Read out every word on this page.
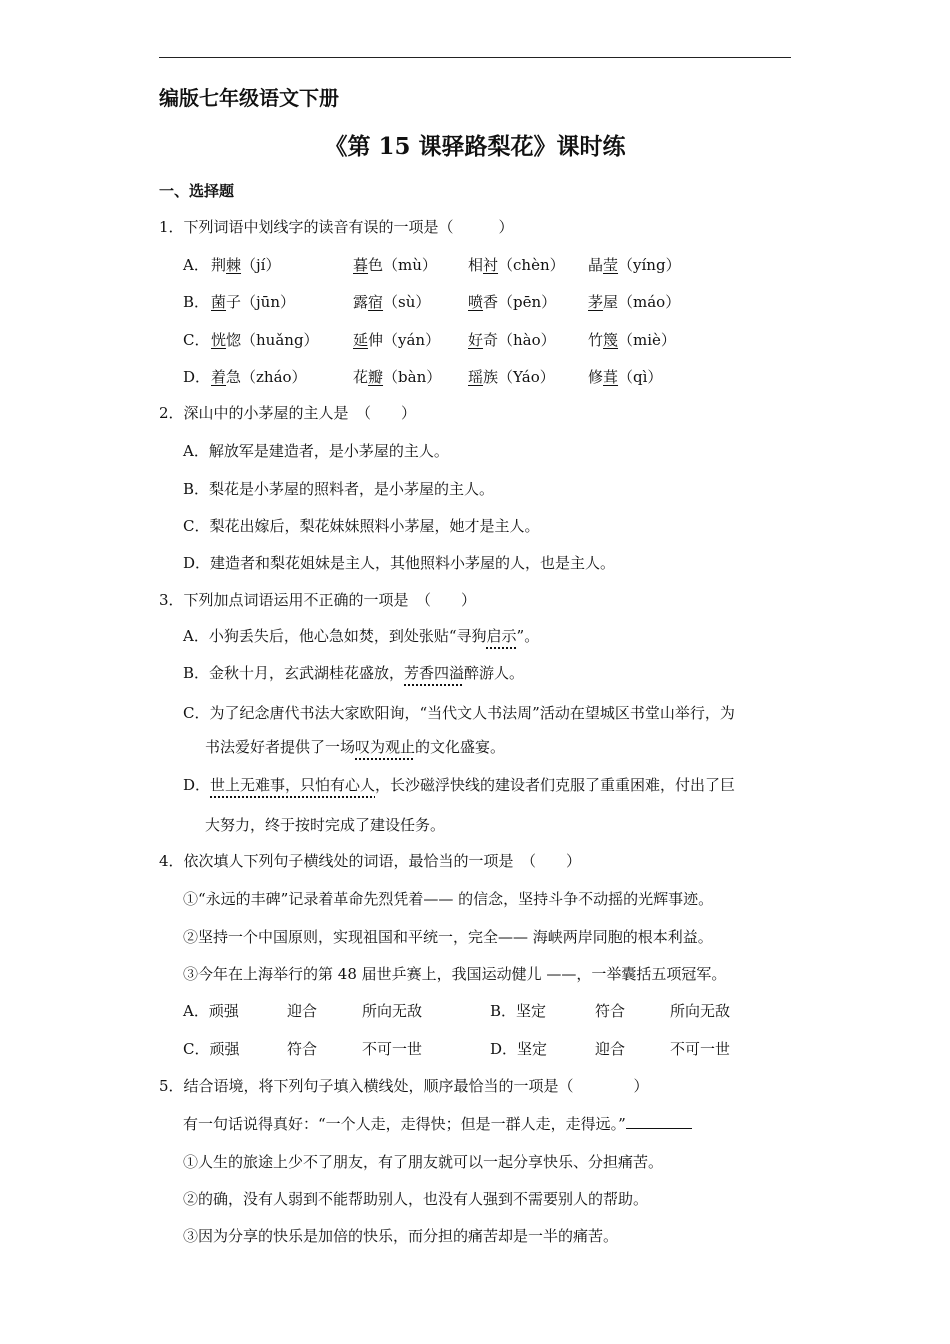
编版七年级语文下册
《第 15 课驿路梨花》课时练
一、选择题
1．下列词语中划线字的读音有误的一项是（　　　）
A． 荆棘（jí）	暮色（mù） 相衬（chèn） 晶莹（yíng）
B． 菌子（jūn）	露宿（sù）	喷香（pēn） 茅屋（máo）
C． 恍惚（huǎng） 延伸（yán） 好奇（hào） 竹篾（miè）
D． 着急（zháo）	花瓣（bàn） 瑶族（Yáo） 修葺（qì）
2．深山中的小茅屋的主人是　（　　）
A．解放军是建造者，是小茅屋的主人。
B．梨花是小茅屋的照料者，是小茅屋的主人。
C．梨花出嫁后，梨花妹妹照料小茅屋，她才是主人。
D．建造者和梨花姐妹是主人，其他照料小茅屋的人，也是主人。
3．下列加点词语运用不正确的一项是　（　　）
A．小狗丢失后，他心急如焚，到处张贴“寻狗启示”。
B．金秋十月，玄武湖桂花盛放，芳香四溢醉游人。
C．为了纪念唐代书法大家欧阳询，“当代文人书法周”活动在望城区书堂山举行，为
书法爱好者提供了一场叹为观止的文化盛宴。
D．世上无难事，只怕有心人，长沙磁浮快线的建设者们克服了重重困难，付出了巨
大努力，终于按时完成了建设任务。
4．依次填人下列句子横线处的词语，最恰当的一项是　（　　）
①“永远的丰碑”记录着革命先烈凭着—— 的信念，坚持斗争不动摇的光辉事迹。
②坚持一个中国原则，实现祖国和平统一，完全—— 海峡两岸同胞的根本利益。
③今年在上海举行的第 48 届世乒赛上，我国运动健儿 ——，一举囊括五项冠军。
A．顽强	迎合	所向无敌	B．坚定	符合	所向无敌
C．顽强	符合	不可一世	D．坚定	迎合	不可一世
5．结合语境，将下列句子填入横线处，顺序最恰当的一项是（　　　　）
有一句话说得真好：“一个人走，走得快；但是一群人走，走得远。”
①人生的旅途上少不了朋友，有了朋友就可以一起分享快乐、分担痛苦。
②的确，没有人弱到不能帮助别人，也没有人强到不需要别人的帮助。
③因为分享的快乐是加倍的快乐，而分担的痛苦却是一半的痛苦。
